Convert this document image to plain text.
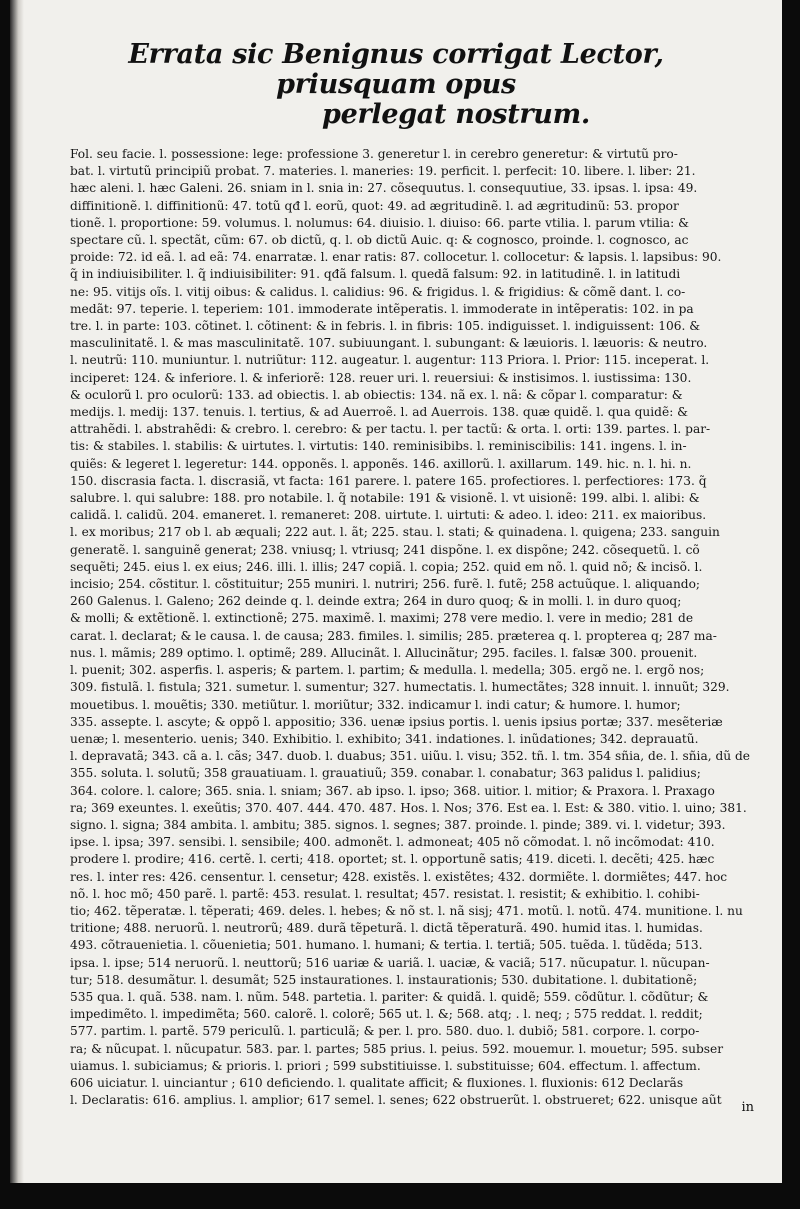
Errata sic Benignus corrigat Lector, priusquam opus
perlegat nostrum.
Fol. seu facie. l. possessione: lege: professione 3. generetur l. in cerebro generetur: & virtutũ pro-
bat. l. virtutũ principiũ probat. 7. materies. l. maneries: 19. perficit. l. perfecit: 10. libere. l. liber: 21.
hæc aleni. l. hæc Galeni. 26. sniam in l. snia in: 27. cõsequutus. l. consequutiue, 33. ipsas. l. ipsa: 49.
diffinitionẽ. l. diffinitionũ: 47. totũ qđ l. eorũ, quot: 49. ad ægritudinẽ. l. ad ægritudinũ: 53. propor
tionẽ. l. proportione: 59. volumus. l. nolumus: 64. diuisio. l. diuiso: 66. parte vtilia. l. parum vtilia: &
spectare cũ. l. spectãt, cũm: 67. ob dictũ, q. l. ob dictũ Auic. q: & cognosco, proinde. l. cognosco, ac
proide: 72. id eã. l. ad eã: 74. enarratæ. l. enar ratis: 87. collocetur. l. collocetur: & lapsis. l. lapsibus: 90.
q̃ in indiuisibiliter. l. q̃ indiuisibiliter: 91. qđã falsum. l. quedã falsum: 92. in latitudinẽ. l. in latitudi
ne: 95. vitijs oĩs. l. vitij oibus: & calidus. l. calidius: 96. & frigidus. l. & frigidius: & cõmẽ dant. l. co-
medãt: 97. teperie. l. teperiem: 101. immoderate intẽperatis. l. immoderate in intẽperatis: 102. in pa
tre. l. in parte: 103. cõtinet. l. cõtinent: & in febris. l. in fibris: 105. indiguisset. l. indiguissent: 106. &
masculinitatẽ. l. & mas masculinitatẽ. 107. subiuungant. l. subungant: & læuioris. l. læuoris: & neutro.
l. neutrũ: 110. muniuntur. l. nutriũtur: 112. augeatur. l. augentur: 113 Priora. l. Prior: 115. inceperat. l.
inciperet: 124. & inferiore. l. & inferiorẽ: 128. reuer uri. l. reuersiui: & instisimos. l. iustissima: 130.
& oculorũ l. pro oculorũ: 133. ad obiectis. l. ab obiectis: 134. nã ex. l. nã: & cõpar l. comparatur: &
medijs. l. medij: 137. tenuis. l. tertius, & ad Auerroẽ. l. ad Auerrois. 138. quæ quidẽ. l. qua quidẽ: &
attrahẽdi. l. abstrahẽdi: & crebro. l. cerebro: & per tactu. l. per tactũ: & orta. l. orti: 139. partes. l. par-
tis: & stabiles. l. stabilis: & uirtutes. l. virtutis: 140. reminisibibs. l. reminiscibilis: 141. ingens. l. in-
quiẽs: & legeret l. legeretur: 144. opponẽs. l. apponẽs. 146. axillorũ. l. axillarum. 149. hic. n. l. hi. n.
150. discrasia facta. l. discrasiã, vt facta: 161 parere. l. patere 165. profectiores. l. perfectiores: 173. q̃
salubre. l. qui salubre: 188. pro notabile. l. q̃ notabile: 191 & visionẽ. l. vt uisionẽ: 199. albi. l. alibi: &
calidã. l. calidũ. 204. emaneret. l. remaneret: 208. uirtute. l. uirtuti: & adeo. l. ideo: 211. ex maioribus.
l. ex moribus; 217 ob l. ab æquali; 222 aut. l. ãt; 225. stau. l. stati; & quinadena. l. quigena; 233. sanguin
generatẽ. l. sanguinẽ generat; 238. vniusq; l. vtriusq; 241 dispõne. l. ex dispõne; 242. cõsequetũ. l. cõ
sequẽti; 245. eius l. ex eius; 246. illi. l. illis; 247 copiã. l. copia; 252. quid em nõ. l. quid nõ; & incisõ. l.
incisio; 254. cõstitur. l. cõstituitur; 255 muniri. l. nutriri; 256. furẽ. l. futẽ; 258 actuũque. l. aliquando;
260 Galenus. l. Galeno; 262 deinde q. l. deinde extra; 264 in duro quoq; & in molli. l. in duro quoq;
& molli; & extẽtionẽ. l. extinctionẽ; 275. maximẽ. l. maximi; 278 vere medio. l. vere in medio; 281 de
carat. l. declarat; & le causa. l. de causa; 283. fimiles. l. similis; 285. præterea q. l. propterea q; 287 ma-
nus. l. mãmis; 289 optimo. l. optimẽ; 289. Allucinãt. l. Allucinãtur; 295. faciles. l. falsæ 300. prouenit.
l. puenit; 302. asperfis. l. asperis; & partem. l. partim; & medulla. l. medella; 305. ergõ ne. l. ergõ nos;
309. fistulã. l. fistula; 321. sumetur. l. sumentur; 327. humectatis. l. humectãtes; 328 innuit. l. innuũt; 329.
mouetibus. l. mouẽtis; 330. metiũtur. l. moriũtur; 332. indicamur l. indi catur; & humore. l. humor;
335. assepte. l. ascyte; & oppõ l. appositio; 336. uenæ ipsius portis. l. uenis ipsius portæ; 337. mesẽteriæ
uenæ; l. mesenterio. uenis; 340. Exhibitio. l. exhibito; 341. indationes. l. inũdationes; 342. deprauatũ.
l. depravatã; 343. cã a. l. cãs; 347. duob. l. duabus; 351. uiũu. l. visu; 352. tñ. l. tm. 354 sñia, de. l. sñia, dũ de
355. soluta. l. solutũ; 358 grauatiuam. l. grauatiuũ; 359. conabar. l. conabatur; 363 palidus l. palidius;
364. colore. l. calore; 365. snia. l. sniam; 367. ab ipso. l. ipso; 368. uitior. l. mitior; & Praxora. l. Praxago
ra; 369 exeuntes. l. exeũtis; 370. 407. 444. 470. 487. Hos. l. Nos; 376. Est ea. l. Est: & 380. vitio. l. uino; 381.
signo. l. signa; 384 ambita. l. ambitu; 385. signos. l. segnes; 387. proinde. l. pinde; 389. vi. l. videtur; 393.
ipse. l. ipsa; 397. sensibi. l. sensibile; 400. admonẽt. l. admoneat; 405 nõ cõmodat. l. nõ incõmodat: 410.
prodere l. prodire; 416. certẽ. l. certi; 418. oportet; st. l. opportunẽ satis; 419. diceti. l. decẽti; 425. hæc
res. l. inter res: 426. censentur. l. censetur; 428. existẽs. l. existẽtes; 432. dormiẽte. l. dormiẽtes; 447. hoc
nõ. l. hoc mõ; 450 parẽ. l. partẽ: 453. resulat. l. resultat; 457. resistat. l. resistit; & exhibitio. l. cohibi-
tio; 462. tẽperatæ. l. tẽperati; 469. deles. l. hebes; & nõ st. l. nã sisj; 471. motũ. l. notũ. 474. munitione. l. nu
tritione; 488. neruorũ. l. neutrorũ; 489. durã tẽpeturã. l. dictã tẽperaturã. 490. humid itas. l. humidas.
493. cõtrauenietia. l. cõuenietia; 501. humano. l. humani; & tertia. l. tertiã; 505. tuẽda. l. tũdẽda; 513.
ipsa. l. ipse; 514 neruorũ. l. neuttorũ; 516 uariæ & uariã. l. uaciæ, & vaciã; 517. nũcupatur. l. nũcupan-
tur; 518. desumãtur. l. desumãt; 525 instaurationes. l. instaurationis; 530. dubitatione. l. dubitationẽ;
535 qua. l. quã. 538. nam. l. nũm. 548. partetia. l. pariter: & quidã. l. quidẽ; 559. cõdũtur. l. cõdũtur; &
impedimẽto. l. impedimẽta; 560. calorẽ. l. colorẽ; 565 ut. l. &; 568. atq; . l. neq; ; 575 reddat. l. reddit;
577. partim. l. partẽ. 579 periculũ. l. particulã; & per. l. pro. 580. duo. l. dubiõ; 581. corpore. l. corpo-
ra; & nũcupat. l. nũcupatur. 583. par. l. partes; 585 prius. l. peius. 592. mouemur. l. mouetur; 595. subser
uiamus. l. subiciamus; & prioris. l. priori ; 599 substitiuisse. l. substituisse; 604. effectum. l. affectum.
606 uiciatur. l. uinciantur ; 610 deficiendo. l. qualitate afficit; & fluxiones. l. fluxionis: 612 Declarãs
l. Declaratis: 616. amplius. l. amplior; 617 semel. l. senes; 622 obstruerũt. l. obstrueret; 622. unisque aũt	in
